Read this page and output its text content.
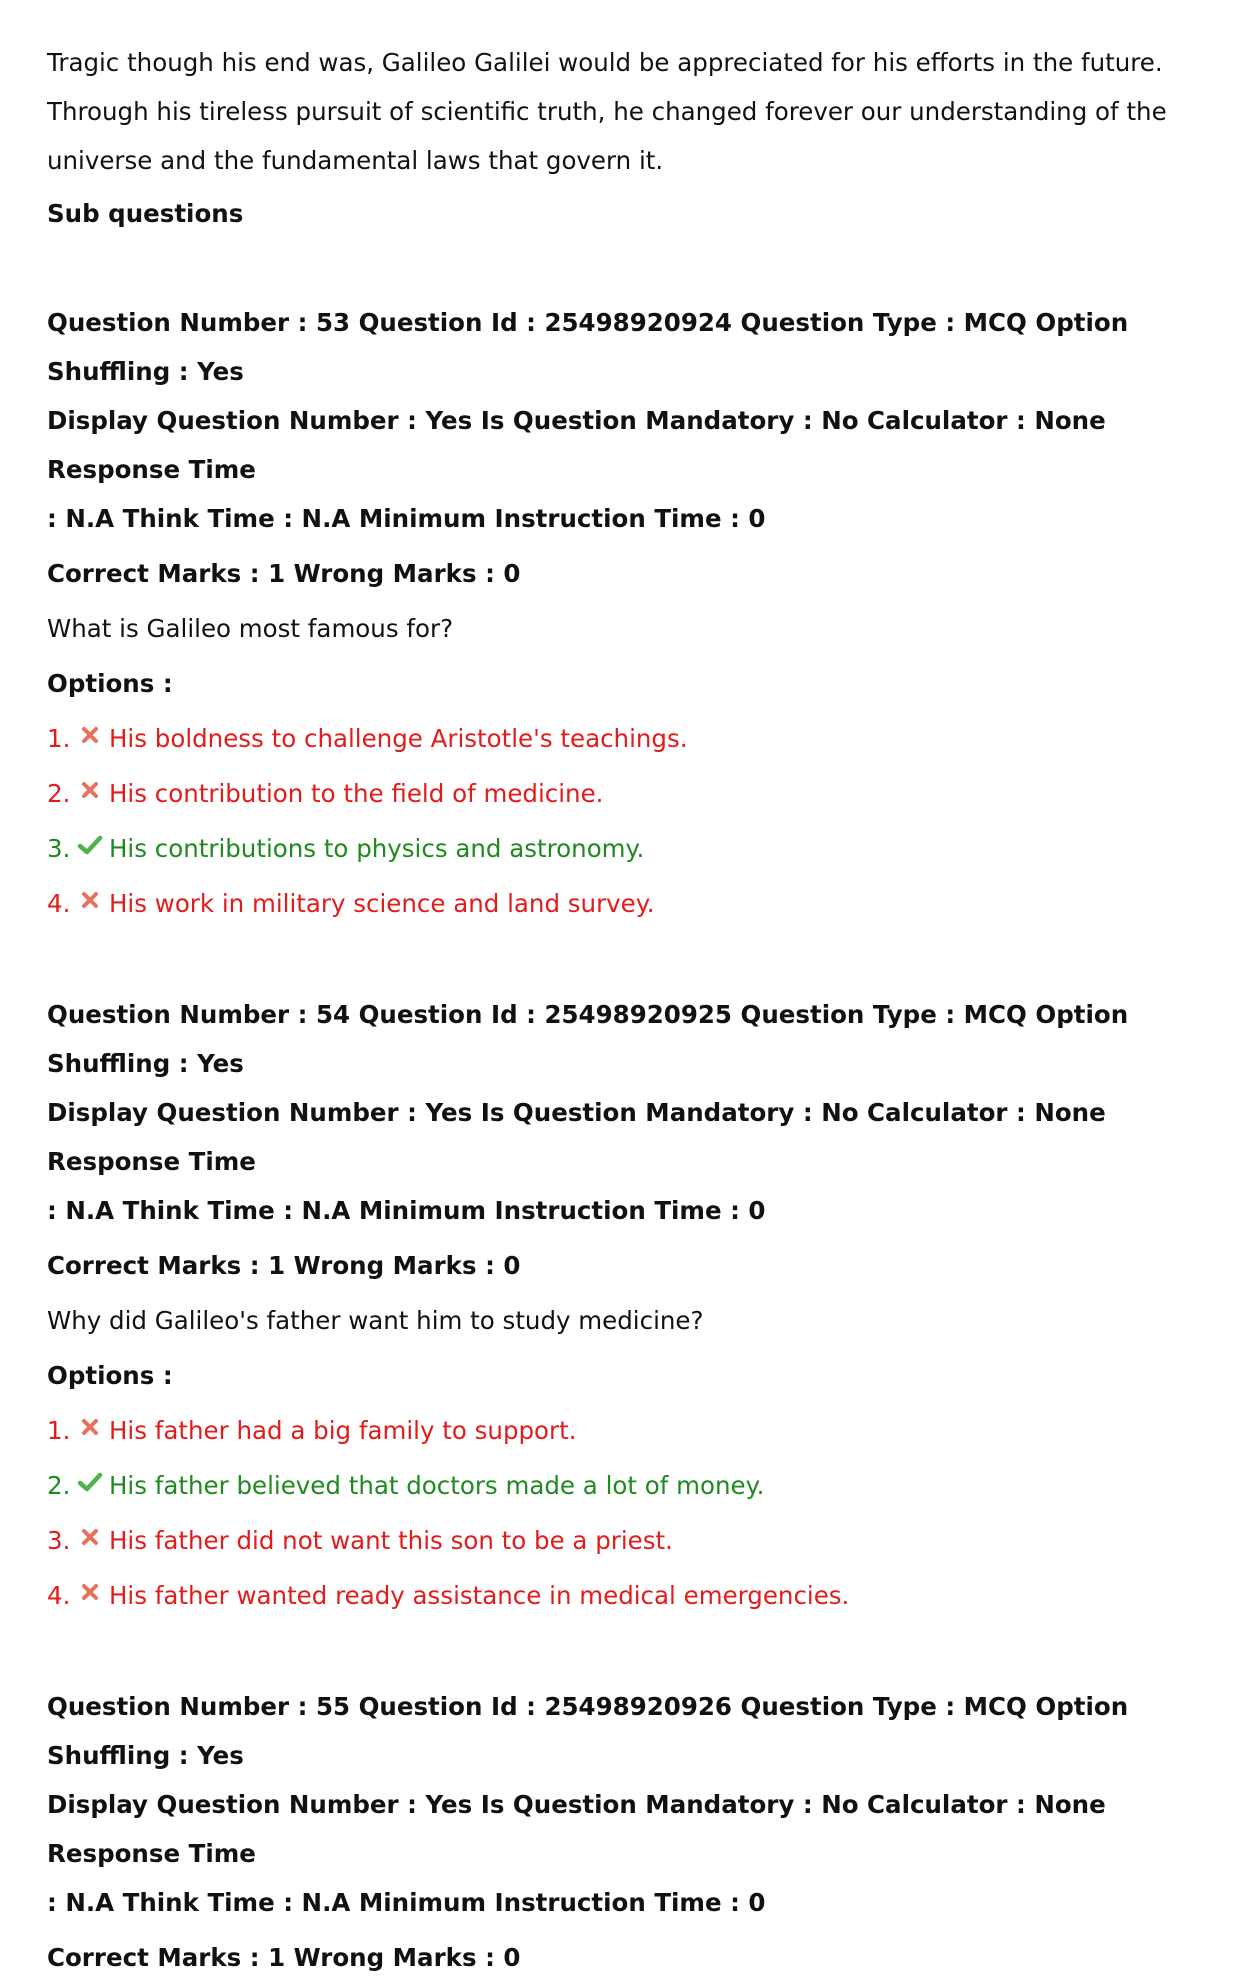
Tragic though his end was, Galileo Galilei would be appreciated for his efforts in the future.

Through his tireless pursuit of scientific truth, he changed forever our understanding of the

universe and the fundamental laws that govern it.

Sub questions

Question Number : 53 Question Id : 25498920924 Question Type : MCQ Option Shuffling : Yes

Display Question Number : Yes Is Question Mandatory : No Calculator : None Response Time

: N.A Think Time : N.A Minimum Instruction Time : 0

Correct Marks : 1 Wrong Marks : 0

What is Galileo most famous for?

Options :

1. His boldness to challenge Aristotle's teachings.
2. His contribution to the field of medicine.
3. His contributions to physics and astronomy.
4. His work in military science and land survey.

Question Number : 54 Question Id : 25498920925 Question Type : MCQ Option Shuffling : Yes

Display Question Number : Yes Is Question Mandatory : No Calculator : None Response Time

: N.A Think Time : N.A Minimum Instruction Time : 0

Correct Marks : 1 Wrong Marks : 0

Why did Galileo's father want him to study medicine?

Options :

1. His father had a big family to support.
2. His father believed that doctors made a lot of money.
3. His father did not want this son to be a priest.
4. His father wanted ready assistance in medical emergencies.

Question Number : 55 Question Id : 25498920926 Question Type : MCQ Option Shuffling : Yes

Display Question Number : Yes Is Question Mandatory : No Calculator : None Response Time

: N.A Think Time : N.A Minimum Instruction Time : 0

Correct Marks : 1 Wrong Marks : 0
